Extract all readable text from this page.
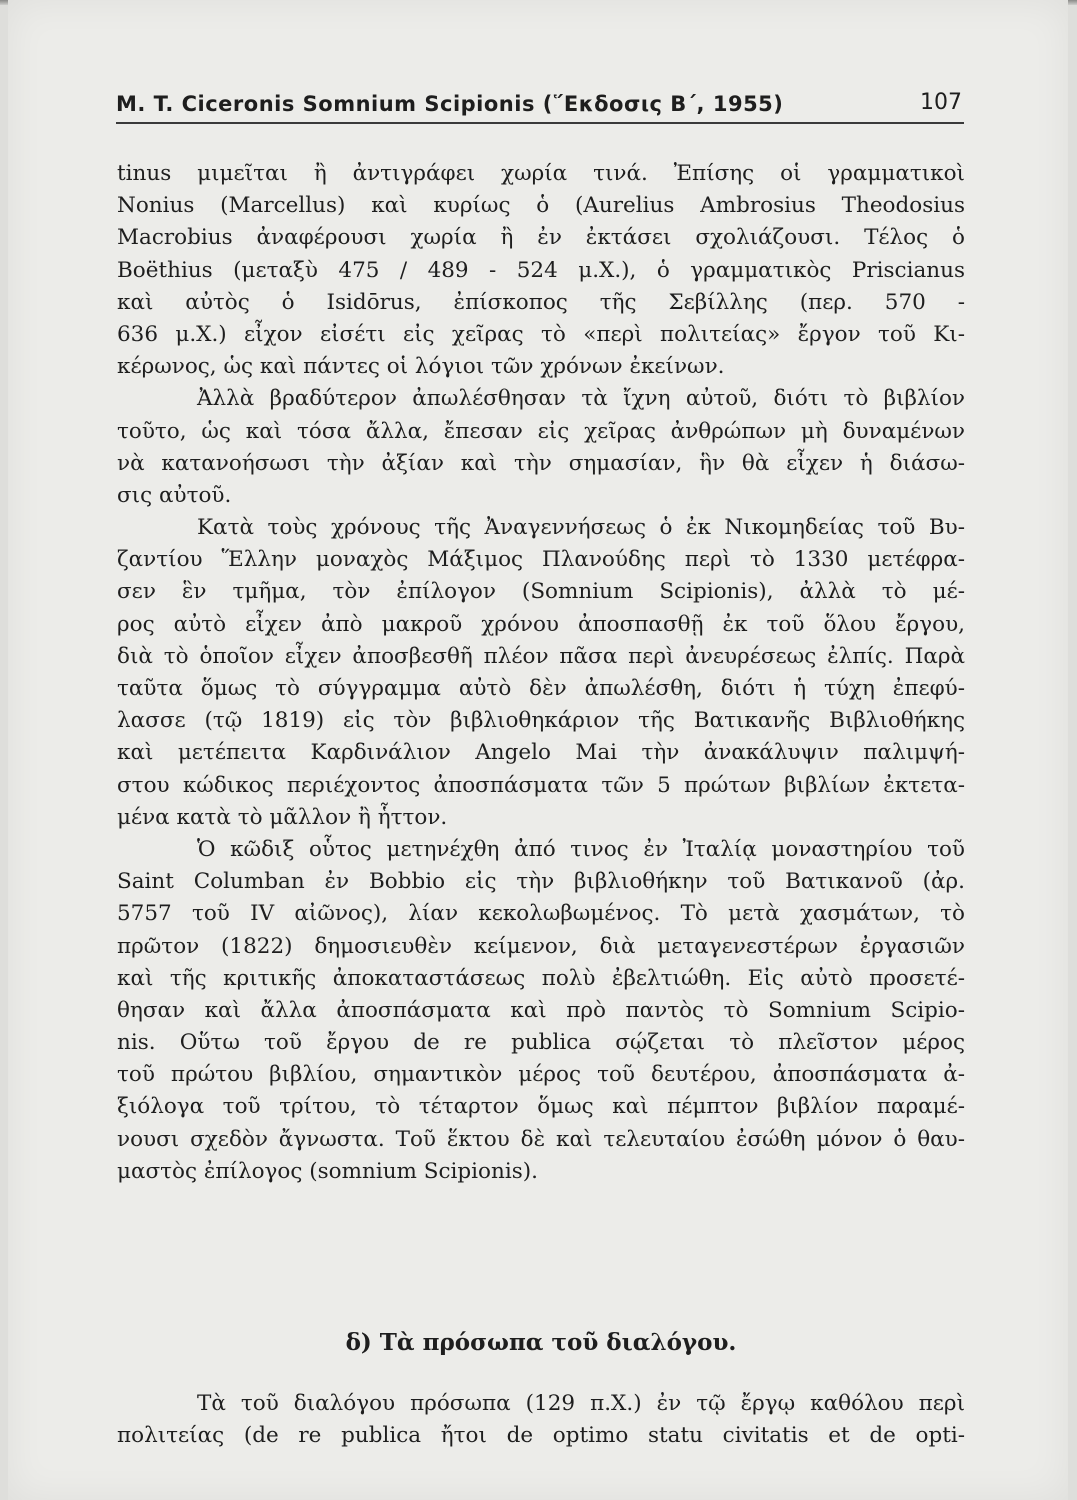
M. T. Ciceronis Somnium Scipionis (῞Εκδοσις Β΄, 1955)	107
tinus μιμεῖται ἢ ἀντιγράφει χωρία τινά. Ἐπίσης οἱ γραμματικοὶ
Nonius (Marcellus) καὶ κυρίως ὁ (Aurelius Ambrosius Theodosius
Macrobius ἀναφέρουσι χωρία ἢ ἐν ἐκτάσει σχολιάζουσι. Τέλος ὁ
Boëthius (μεταξὺ 475 / 489 - 524 μ.Χ.), ὁ γραμματικὸς Priscianus
καὶ αὐτὸς ὁ Isidōrus, ἐπίσκοπος τῆς Σεβίλλης (περ. 570 -
636 μ.Χ.) εἶχον εἰσέτι εἰς χεῖρας τὸ «περὶ πολιτείας» ἔργον τοῦ Κι-
κέρωνος, ὡς καὶ πάντες οἱ λόγιοι τῶν χρόνων ἐκείνων.
Ἀλλὰ βραδύτερον ἀπωλέσθησαν τὰ ἴχνη αὐτοῦ, διότι τὸ βιβλίον
τοῦτο, ὡς καὶ τόσα ἄλλα, ἔπεσαν εἰς χεῖρας ἀνθρώπων μὴ δυναμένων
νὰ κατανοήσωσι τὴν ἀξίαν καὶ τὴν σημασίαν, ἣν θὰ εἶχεν ἡ διάσω-
σις αὐτοῦ.
Κατὰ τοὺς χρόνους τῆς Ἀναγεννήσεως ὁ ἐκ Νικομηδείας τοῦ Βυ-
ζαντίου Ἕλλην μοναχὸς Μάξιμος Πλανούδης περὶ τὸ 1330 μετέφρα-
σεν ἓν τμῆμα, τὸν ἐπίλογον (Somnium Scipionis), ἀλλὰ τὸ μέ-
ρος αὐτὸ εἶχεν ἀπὸ μακροῦ χρόνου ἀποσπασθῇ ἐκ τοῦ ὅλου ἔργου,
διὰ τὸ ὁποῖον εἶχεν ἀποσβεσθῆ πλέον πᾶσα περὶ ἀνευρέσεως ἐλπίς. Παρὰ
ταῦτα ὅμως τὸ σύγγραμμα αὐτὸ δὲν ἀπωλέσθη, διότι ἡ τύχη ἐπεφύ-
λασσε (τῷ 1819) εἰς τὸν βιβλιοθηκάριον τῆς Βατικανῆς Βιβλιοθήκης
καὶ μετέπειτα Καρδινάλιον Angelo Mai τὴν ἀνακάλυψιν παλιμψή-
στου κώδικος περιέχοντος ἀποσπάσματα τῶν 5 πρώτων βιβλίων ἐκτετα-
μένα κατὰ τὸ μᾶλλον ἢ ἧττον.
Ὁ κῶδιξ οὗτος μετηνέχθη ἀπό τινος ἐν Ἰταλίᾳ μοναστηρίου τοῦ
Saint Columban ἐν Bobbio εἰς τὴν βιβλιοθήκην τοῦ Βατικανοῦ (ἀρ.
5757 τοῦ IV αἰῶνος), λίαν κεκολωβωμένος. Τὸ μετὰ χασμάτων, τὸ
πρῶτον (1822) δημοσιευθὲν κείμενον, διὰ μεταγενεστέρων ἐργασιῶν
καὶ τῆς κριτικῆς ἀποκαταστάσεως πολὺ ἐβελτιώθη. Εἰς αὐτὸ προσετέ-
θησαν καὶ ἄλλα ἀποσπάσματα καὶ πρὸ παντὸς τὸ Somnium Scipio-
nis. Οὕτω τοῦ ἔργου de re publica σῴζεται τὸ πλεῖστον μέρος
τοῦ πρώτου βιβλίου, σημαντικὸν μέρος τοῦ δευτέρου, ἀποσπάσματα ἀ-
ξιόλογα τοῦ τρίτου, τὸ τέταρτον ὅμως καὶ πέμπτον βιβλίον παραμέ-
νουσι σχεδὸν ἄγνωστα. Τοῦ ἕκτου δὲ καὶ τελευταίου ἐσώθη μόνον ὁ θαυ-
μαστὸς ἐπίλογος (somnium Scipionis).
δ) Τὰ πρόσωπα τοῦ διαλόγου.
Τὰ τοῦ διαλόγου πρόσωπα (129 π.Χ.) ἐν τῷ ἔργῳ καθόλου περὶ
πολιτείας (de re publica ἤτοι de optimo statu civitatis et de opti-
